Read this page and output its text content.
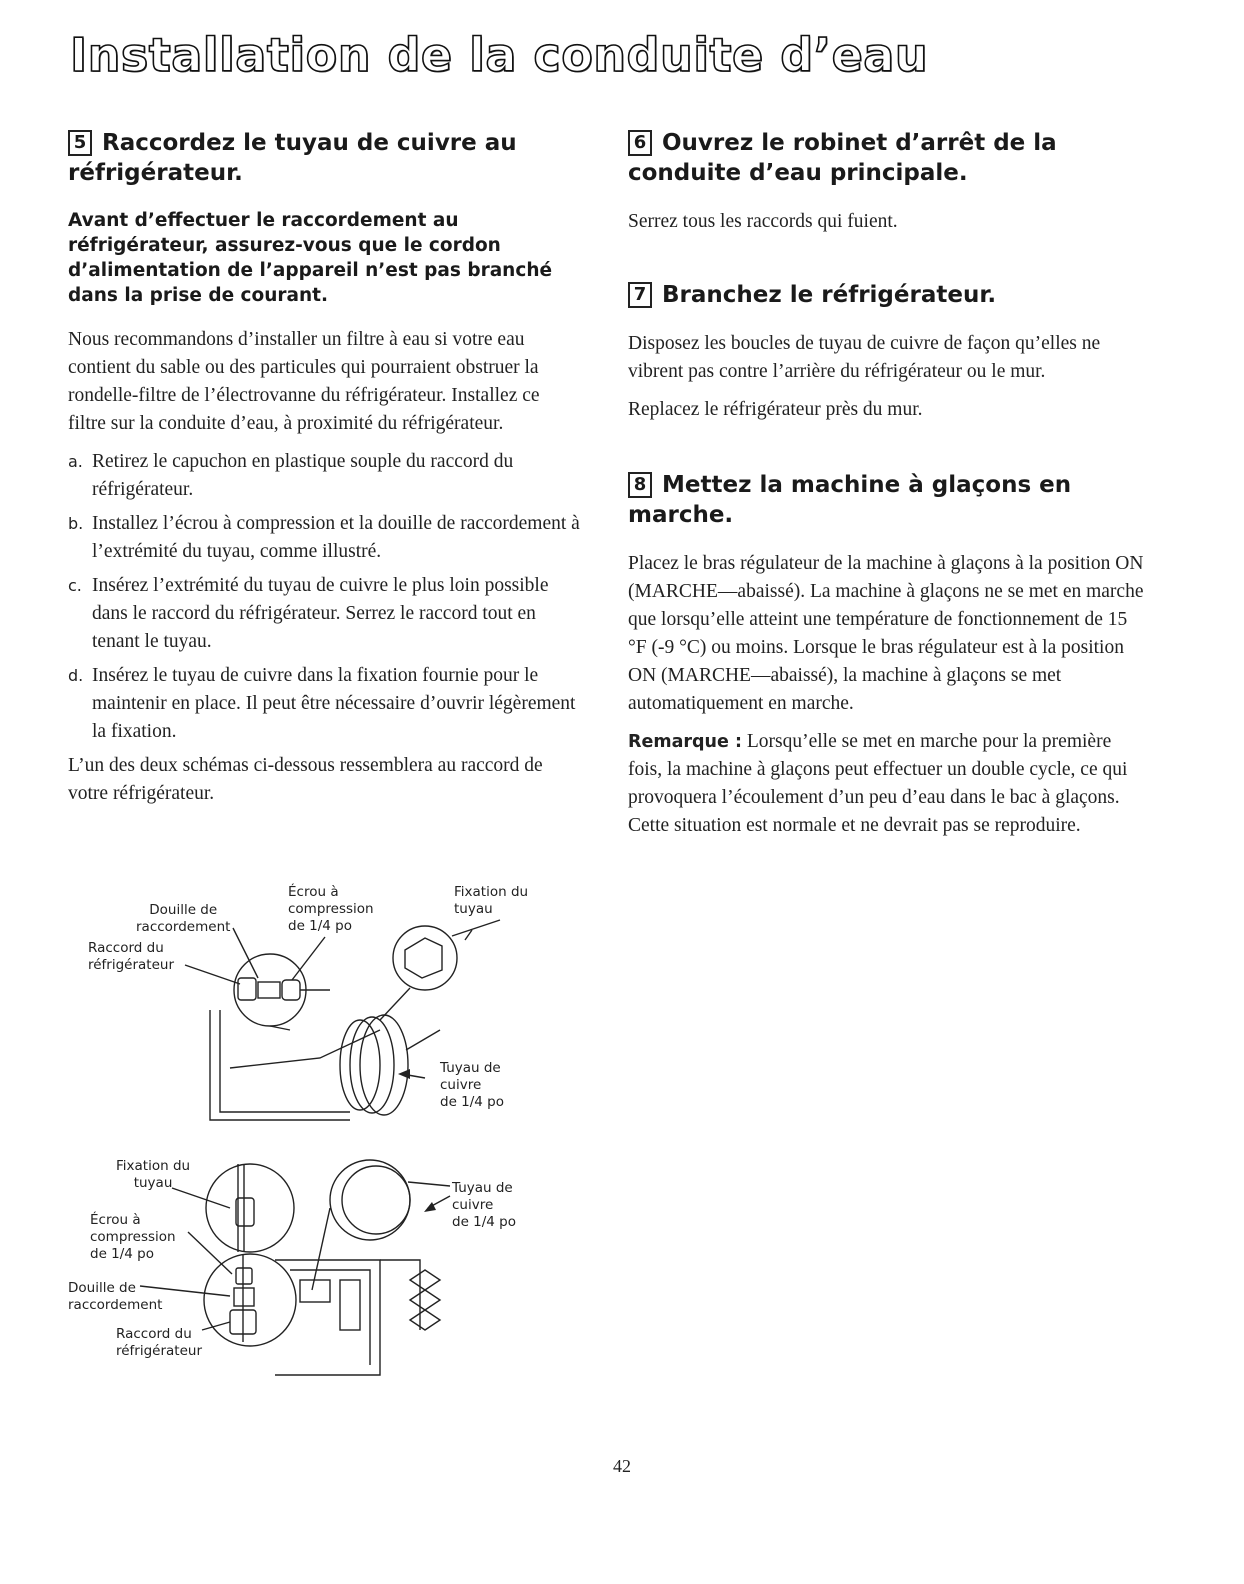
Installation de la conduite d’eau
5 Raccordez le tuyau de cuivre au réfrigérateur.

Avant d’effectuer le raccordement au réfrigérateur, assurez-vous que le cordon d’alimentation de l’appareil n’est pas branché dans la prise de courant.

Nous recommandons d’installer un filtre à eau si votre eau contient du sable ou des particules qui pourraient obstruer la rondelle-filtre de l’électrovanne du réfrigérateur. Installez ce filtre sur la conduite d’eau, à proximité du réfrigérateur.

a. Retirez le capuchon en plastique souple du raccord du réfrigérateur.
b. Installez l’écrou à compression et la douille de raccordement à l’extrémité du tuyau, comme illustré.
c. Insérez l’extrémité du tuyau de cuivre le plus loin possible dans le raccord du réfrigérateur. Serrez le raccord tout en tenant le tuyau.
d. Insérez le tuyau de cuivre dans la fixation fournie pour le maintenir en place. Il peut être nécessaire d’ouvrir légèrement la fixation.

L’un des deux schémas ci-dessous ressemblera au raccord de votre réfrigérateur.

Écrou à
compression
de 1/4 po
Fixation du
tuyau
Douille de
raccordement
Raccord du
réfrigérateur
Tuyau de
cuivre
de 1/4 po
Fixation du
tuyau
Écrou à
compression
de 1/4 po
Douille de
raccordement
Raccord du
réfrigérateur
Tuyau de
cuivre
de 1/4 po
6 Ouvrez le robinet d’arrêt de la conduite d’eau principale.

Serrez tous les raccords qui fuient.

7 Branchez le réfrigérateur.

Disposez les boucles de tuyau de cuivre de façon qu’elles ne vibrent pas contre l’arrière du réfrigérateur ou le mur.

Replacez le réfrigérateur près du mur.

8 Mettez la machine à glaçons en marche.

Placez le bras régulateur de la machine à glaçons à la position ON (MARCHE—abaissé). La machine à glaçons ne se met en marche que lorsqu’elle atteint une température de fonctionnement de 15 °F (-9 °C) ou moins. Lorsque le bras régulateur est à la position ON (MARCHE—abaissé), la machine à glaçons se met automatiquement en marche.

Remarque : Lorsqu’elle se met en marche pour la première fois, la machine à glaçons peut effectuer un double cycle, ce qui provoquera l’écoulement d’un peu d’eau dans le bac à glaçons. Cette situation est normale et ne devrait pas se reproduire.

42
